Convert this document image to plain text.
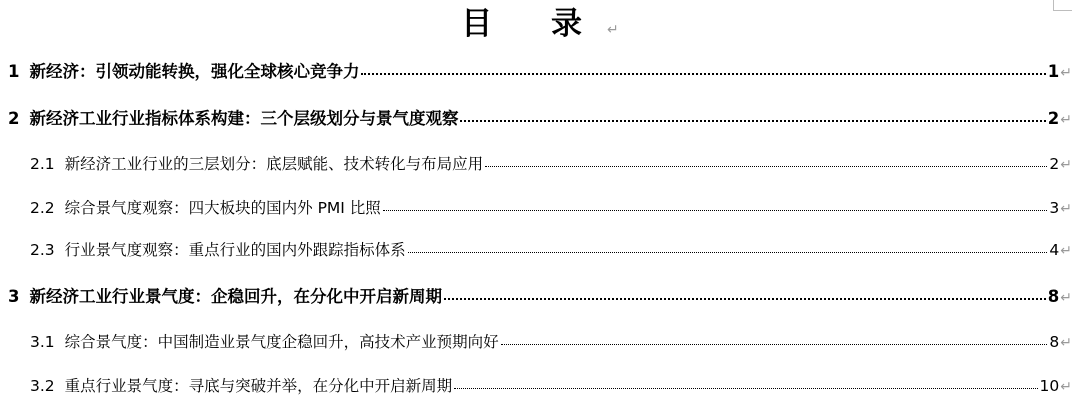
目 录↵
1 新经济：引领动能转换，强化全球核心竞争力	1 ↵
2 新经济工业行业指标体系构建：三个层级划分与景气度观察	2 ↵
2.1 新经济工业行业的三层划分：底层赋能、技术转化与布局应用	2 ↵
2.2 综合景气度观察：四大板块的国内外 PMI 比照	3 ↵
2.3 行业景气度观察：重点行业的国内外跟踪指标体系	4 ↵
3 新经济工业行业景气度：企稳回升，在分化中开启新周期	8 ↵
3.1 综合景气度：中国制造业景气度企稳回升，高技术产业预期向好	8 ↵
3.2 重点行业景气度：寻底与突破并举，在分化中开启新周期	10 ↵
